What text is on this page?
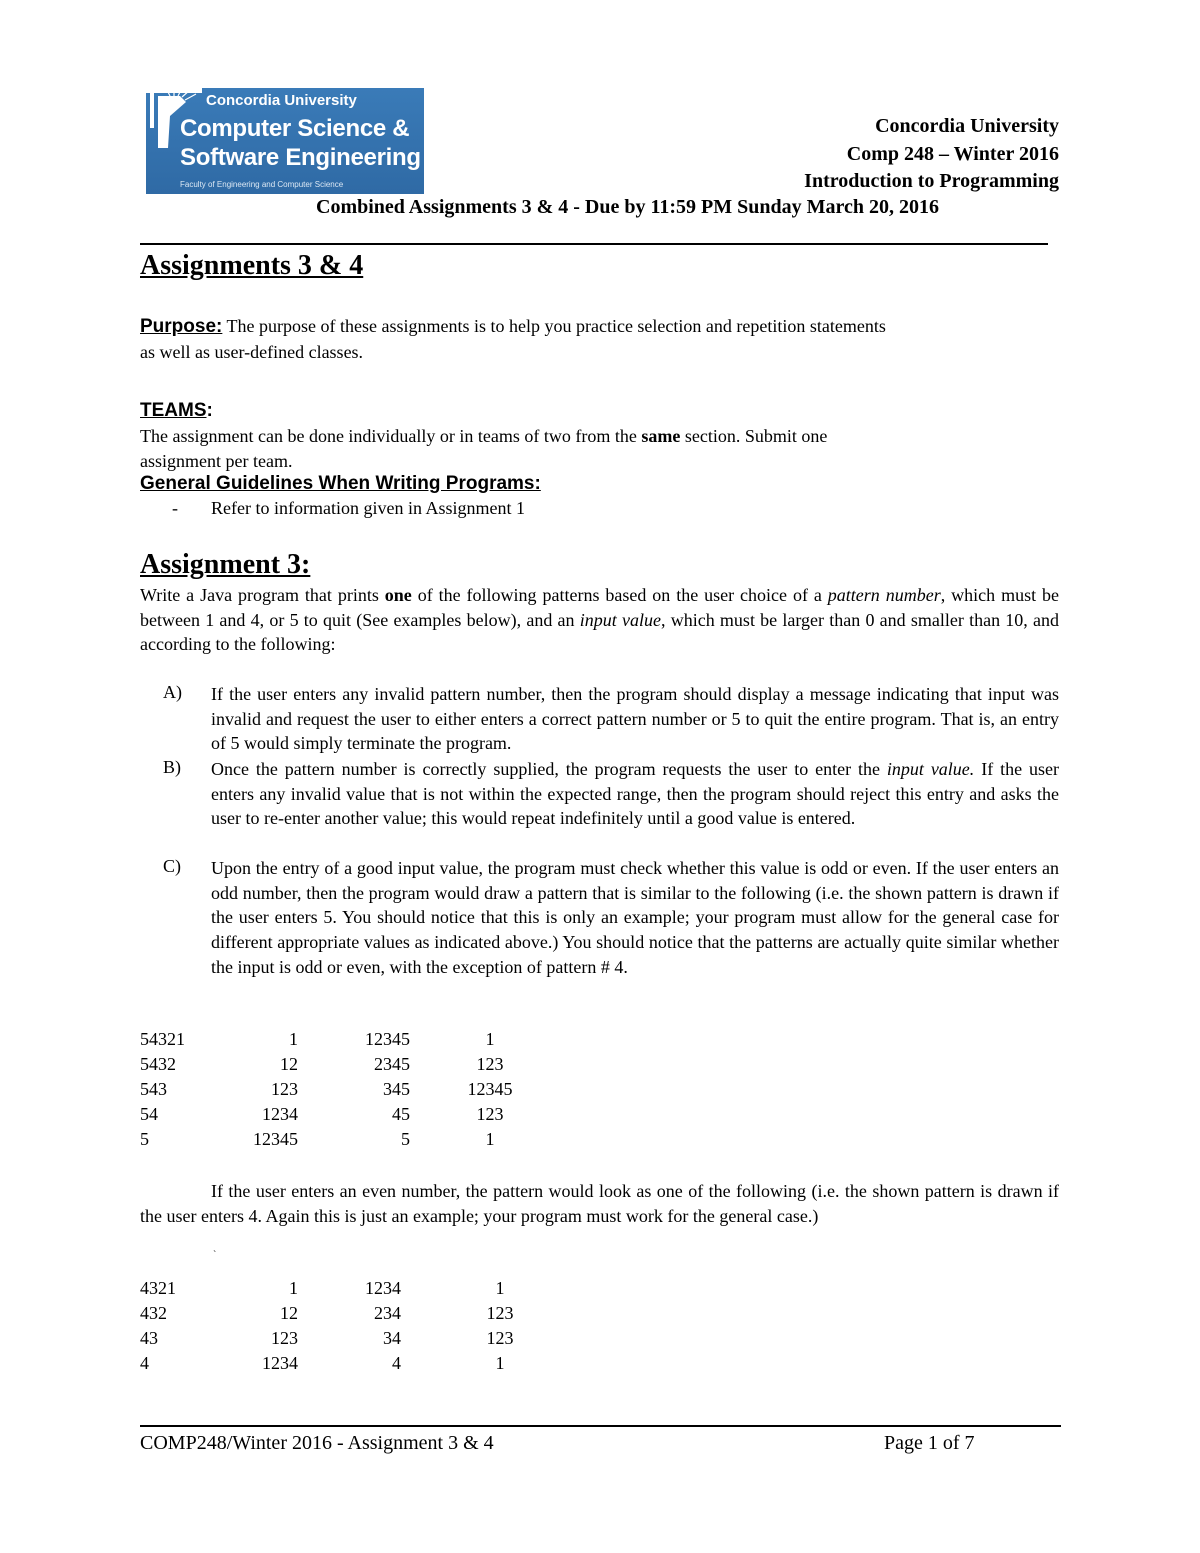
Concordia University
Computer Science &
Software Engineering
Faculty of Engineering and Computer Science
Concordia University
Comp 248 – Winter 2016
Introduction to Programming
Combined Assignments 3 & 4 - Due by 11:59 PM Sunday March 20, 2016
Assignments 3 & 4
Purpose: The purpose of these assignments is to help you practice selection and repetition statements
as well as user-defined classes.
TEAMS:
The assignment can be done individually or in teams of two from the same section. Submit one
assignment per team.
General Guidelines When Writing Programs:
- Refer to information given in Assignment 1
Assignment 3:
Write a Java program that prints one of the following patterns based on the user choice of a pattern number, which must be between 1 and 4, or 5 to quit (See examples below), and an input value, which must be larger than 0 and smaller than 10, and according to the following:
A) If the user enters any invalid pattern number, then the program should display a message indicating that input was invalid and request the user to either enters a correct pattern number or 5 to quit the entire program. That is, an entry of 5 would simply terminate the program.
B) Once the pattern number is correctly supplied, the program requests the user to enter the input value. If the user enters any invalid value that is not within the expected range, then the program should reject this entry and asks the user to re-enter another value; this would repeat indefinitely until a good value is entered.
C) Upon the entry of a good input value, the program must check whether this value is odd or even. If the user enters an odd number, then the program would draw a pattern that is similar to the following (i.e. the shown pattern is drawn if the user enters 5. You should notice that this is only an example; your program must allow for the general case for different appropriate values as indicated above.) You should notice that the patterns are actually quite similar whether the input is odd or even, with the exception of pattern # 4.
54321
5432
543
54
5
1
12
123
1234
12345
12345
2345
345
45
5
1
123
12345
123
1
If the user enters an even number, the pattern would look as one of the following (i.e. the shown pattern is drawn if the user enters 4. Again this is just an example; your program must work for the general case.)
`
4321
432
43
4
1
12
123
1234
1234
234
34
4
1
123
123
1
COMP248/Winter 2016 - Assignment 3 & 4	Page 1 of 7
